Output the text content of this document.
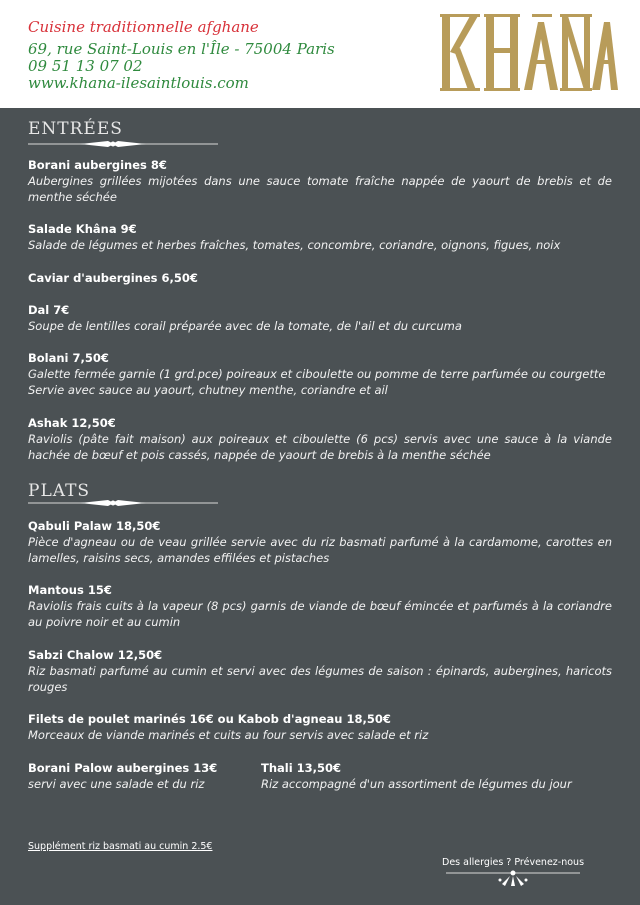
Cuisine traditionnelle afghane
69, rue Saint-Louis en l'Île - 75004 Paris
09 51 13 07 02
www.khana-ilesaintlouis.com
ENTRÉES
Borani aubergines 8€
Aubergines grillées mijotées dans une sauce tomate fraîche nappée de yaourt de brebis et de menthe séchée
Salade Khâna 9€
Salade de légumes et herbes fraîches, tomates, concombre, coriandre, oignons, figues, noix
Caviar d'aubergines 6,50€
Dal 7€
Soupe de lentilles corail préparée avec de la tomate, de l'ail et du curcuma
Bolani 7,50€
Galette fermée garnie (1 grd.pce) poireaux et ciboulette ou pomme de terre parfumée ou courgette
Servie avec sauce au yaourt, chutney menthe, coriandre et ail
Ashak 12,50€
Raviolis (pâte fait maison) aux poireaux et ciboulette (6 pcs) servis avec une sauce à la viande hachée de bœuf et pois cassés, nappée de yaourt de brebis à la menthe séchée
PLATS
Qabuli Palaw 18,50€
Pièce d'agneau ou de veau grillée servie avec du riz basmati parfumé à la cardamome, carottes en lamelles, raisins secs, amandes effilées et pistaches
Mantous 15€
Raviolis frais cuits à la vapeur (8 pcs) garnis de viande de bœuf émincée et parfumés à la coriandre au poivre noir et au cumin
Sabzi Chalow 12,50€
Riz basmati parfumé au cumin et servi avec des légumes de saison : épinards, aubergines, haricots rouges
Filets de poulet marinés 16€ ou Kabob d'agneau 18,50€
Morceaux de viande marinés et cuits au four servis avec salade et riz
Borani Palow aubergines 13€
servi avec une salade et du riz
Thali 13,50€
Riz accompagné d'un assortiment de légumes du jour
Supplément riz basmati au cumin 2.5€
Des allergies ? Prévenez-nous
